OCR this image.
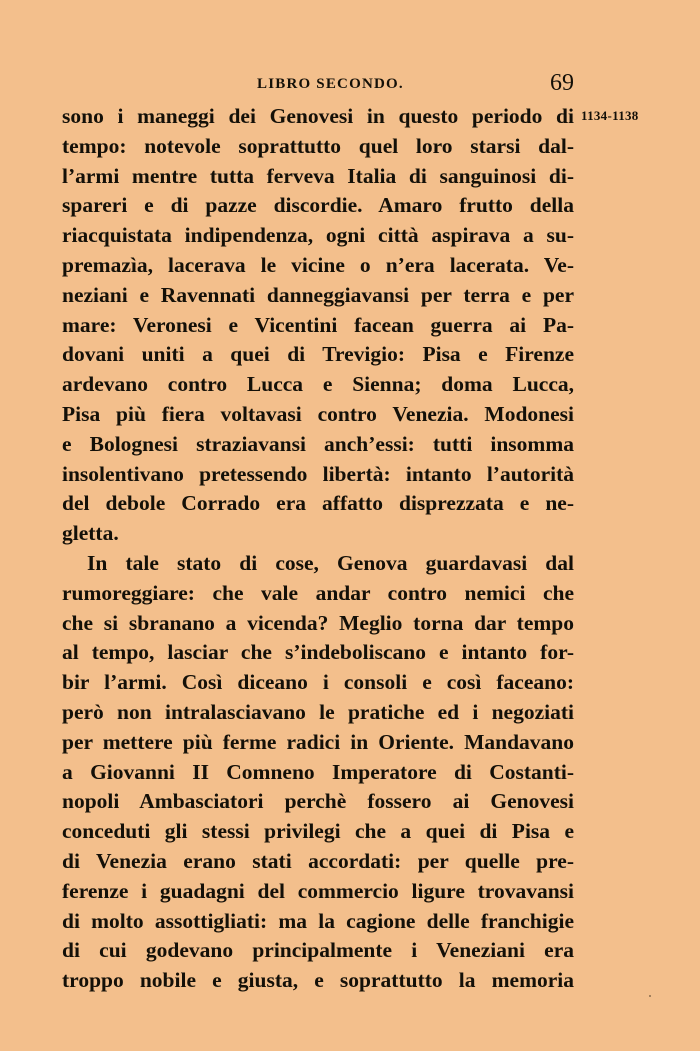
LIBRO SECONDO.	69
1134-1138
sono i maneggi dei Genovesi in questo periodo di
tempo: notevole soprattutto quel loro starsi dal-
l’armi mentre tutta ferveva Italia di sanguinosi di-
spareri e di pazze discordie. Amaro frutto della
riacquistata indipendenza, ogni città aspirava a su-
premazìa, lacerava le vicine o n’era lacerata. Ve-
neziani e Ravennati danneggiavansi per terra e per
mare: Veronesi e Vicentini facean guerra ai Pa-
dovani uniti a quei di Trevigio: Pisa e Firenze
ardevano contro Lucca e Sienna; doma Lucca,
Pisa più fiera voltavasi contro Venezia. Modonesi
e Bolognesi straziavansi anch’essi: tutti insomma
insolentivano pretessendo libertà: intanto l’autorità
del debole Corrado era affatto disprezzata e ne-
gletta.
In tale stato di cose, Genova guardavasi dal
rumoreggiare: che vale andar contro nemici che
che si sbranano a vicenda? Meglio torna dar tempo
al tempo, lasciar che s’indeboliscano e intanto for-
bir l’armi. Così diceano i consoli e così faceano:
però non intralasciavano le pratiche ed i negoziati
per mettere più ferme radici in Oriente. Mandavano
a Giovanni II Comneno Imperatore di Costanti-
nopoli Ambasciatori perchè fossero ai Genovesi
conceduti gli stessi privilegi che a quei di Pisa e
di Venezia erano stati accordati: per quelle pre-
ferenze i guadagni del commercio ligure trovavansi
di molto assottigliati: ma la cagione delle franchigie
di cui godevano principalmente i Veneziani era
troppo nobile e giusta, e soprattutto la memoria
